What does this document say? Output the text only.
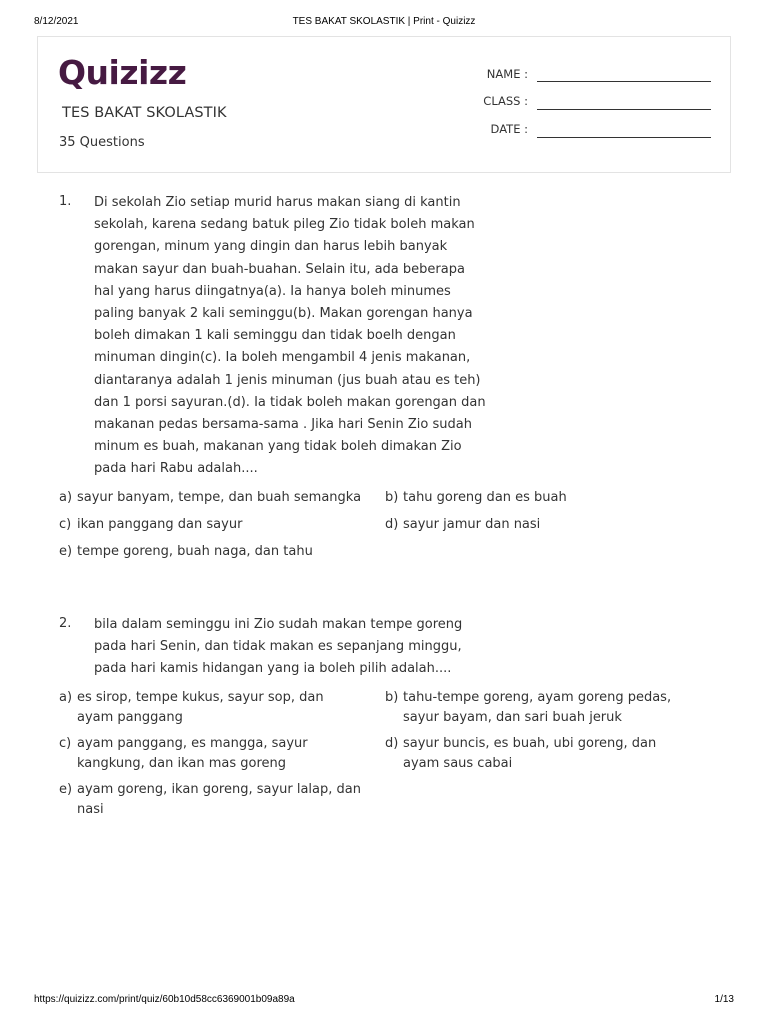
8/12/2021	TES BAKAT SKOLASTIK | Print - Quizizz
Quizizz
TES BAKAT SKOLASTIK
35 Questions
NAME :
CLASS :
DATE :
1. Di sekolah Zio setiap murid harus makan siang di kantin
sekolah, karena sedang batuk pileg Zio tidak boleh makan
gorengan, minum yang dingin dan harus lebih banyak
makan sayur dan buah-buahan. Selain itu, ada beberapa
hal yang harus diingatnya(a). Ia hanya boleh minumes
paling banyak 2 kali seminggu(b). Makan gorengan hanya
boleh dimakan 1 kali seminggu dan tidak boelh dengan
minuman dingin(c). Ia boleh mengambil 4 jenis makanan,
diantaranya adalah 1 jenis minuman (jus buah atau es teh)
dan 1 porsi sayuran.(d). Ia tidak boleh makan gorengan dan
makanan pedas bersama-sama . Jika hari Senin Zio sudah
minum es buah, makanan yang tidak boleh dimakan Zio
pada hari Rabu adalah....
a) sayur banyam, tempe, dan buah semangka b) tahu goreng dan es buah
c) ikan panggang dan sayur	d) sayur jamur dan nasi
e) tempe goreng, buah naga, dan tahu
2. bila dalam seminggu ini Zio sudah makan tempe goreng
pada hari Senin, dan tidak makan es sepanjang minggu,
pada hari kamis hidangan yang ia boleh pilih adalah....
a) es sirop, tempe kukus, sayur sop, dan
ayam panggang
b) tahu-tempe goreng, ayam goreng pedas,
sayur bayam, dan sari buah jeruk
c) ayam panggang, es mangga, sayur
kangkung, dan ikan mas goreng
d) sayur buncis, es buah, ubi goreng, dan
ayam saus cabai
e) ayam goreng, ikan goreng, sayur lalap, dan
nasi
https://quizizz.com/print/quiz/60b10d58cc6369001b09a89a	1/13
